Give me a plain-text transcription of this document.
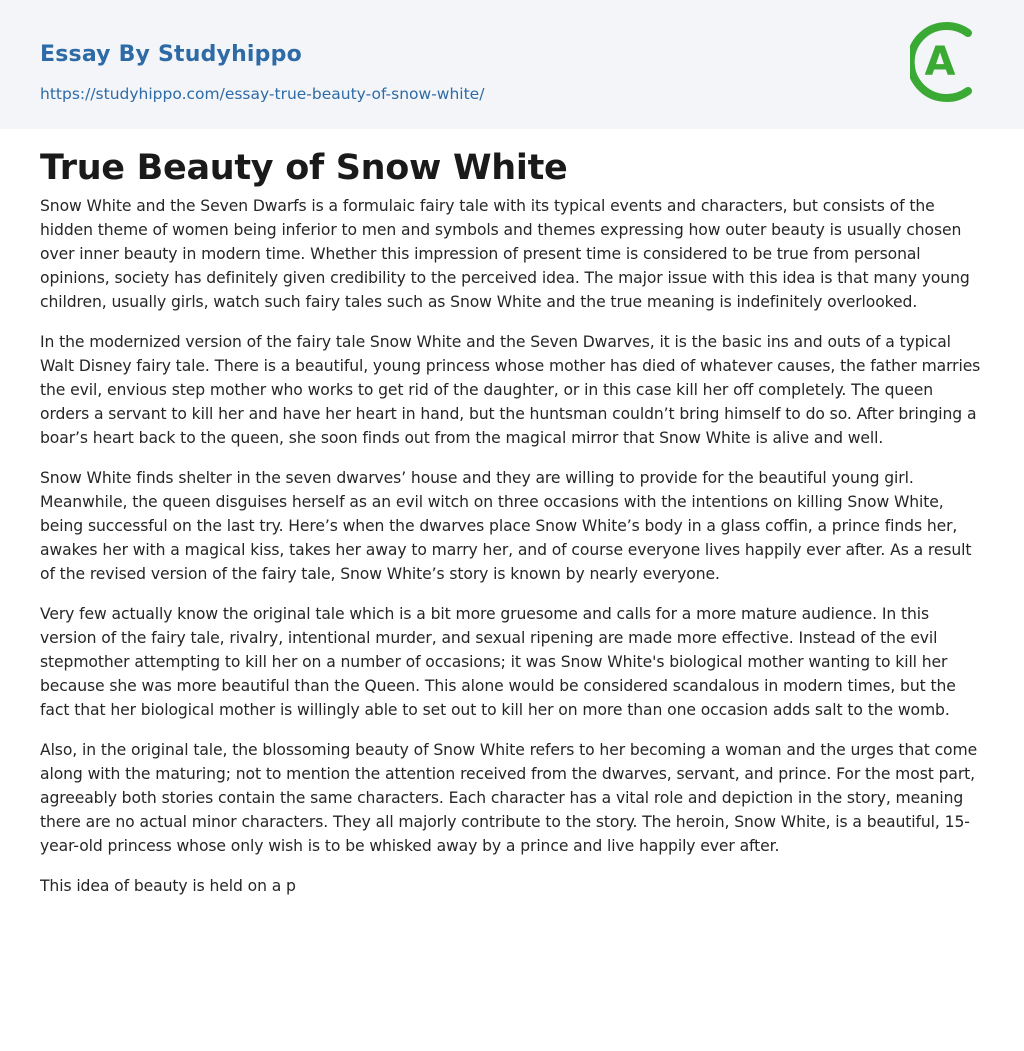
Essay By Studyhippo
https://studyhippo.com/essay-true-beauty-of-snow-white/
A
True Beauty of Snow White

Snow White and the Seven Dwarfs is a formulaic fairy tale with its typical events and characters, but consists of the hidden theme of women being inferior to men and symbols and themes expressing how outer beauty is usually chosen over inner beauty in modern time. Whether this impression of present time is considered to be true from personal opinions, society has definitely given credibility to the perceived idea. The major issue with this idea is that many young children, usually girls, watch such fairy tales such as Snow White and the true meaning is indefinitely overlooked.

In the modernized version of the fairy tale Snow White and the Seven Dwarves, it is the basic ins and outs of a typical Walt Disney fairy tale. There is a beautiful, young princess whose mother has died of whatever causes, the father marries the evil, envious step mother who works to get rid of the daughter, or in this case kill her off completely. The queen orders a servant to kill her and have her heart in hand, but the huntsman couldn’t bring himself to do so. After bringing a boar’s heart back to the queen, she soon finds out from the magical mirror that Snow White is alive and well.

Snow White finds shelter in the seven dwarves’ house and they are willing to provide for the beautiful young girl. Meanwhile, the queen disguises herself as an evil witch on three occasions with the intentions on killing Snow White, being successful on the last try. Here’s when the dwarves place Snow White’s body in a glass coffin, a prince finds her, awakes her with a magical kiss, takes her away to marry her, and of course everyone lives happily ever after. As a result of the revised version of the fairy tale, Snow White’s story is known by nearly everyone.

Very few actually know the original tale which is a bit more gruesome and calls for a more mature audience. In this version of the fairy tale, rivalry, intentional murder, and sexual ripening are made more effective. Instead of the evil stepmother attempting to kill her on a number of occasions; it was Snow White's biological mother wanting to kill her because she was more beautiful than the Queen. This alone would be considered scandalous in modern times, but the fact that her biological mother is willingly able to set out to kill her on more than one occasion adds salt to the womb.

Also, in the original tale, the blossoming beauty of Snow White refers to her becoming a woman and the urges that come along with the maturing; not to mention the attention received from the dwarves, servant, and prince. For the most part, agreeably both stories contain the same characters. Each character has a vital role and depiction in the story, meaning there are no actual minor characters. They all majorly contribute to the story. The heroin, Snow White, is a beautiful, 15-year-old princess whose only wish is to be whisked away by a prince and live happily ever after.

This idea of beauty is held on a p
